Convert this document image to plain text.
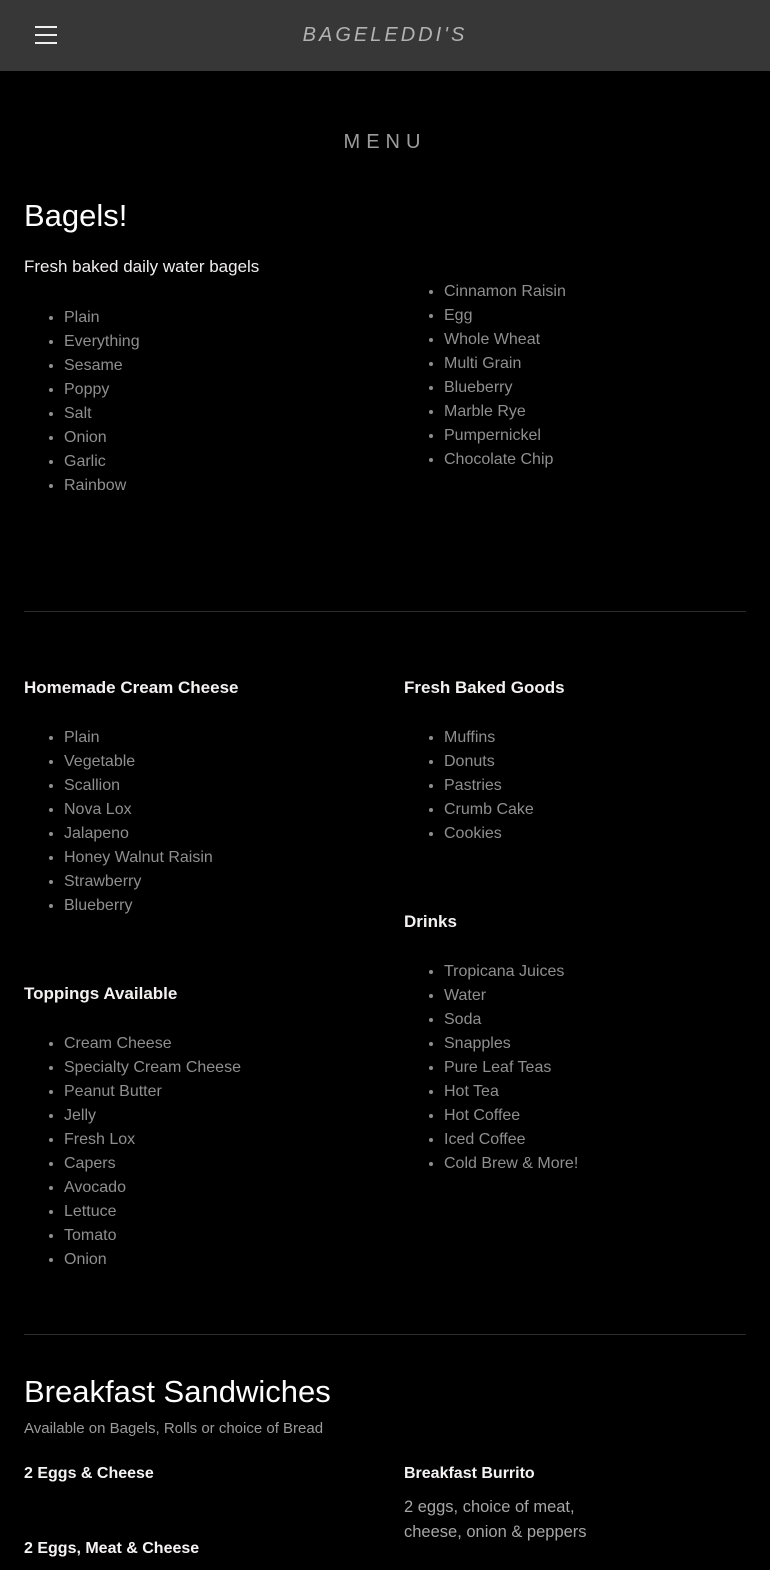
BAGELEDDI'S
MENU
Bagels!

Fresh baked daily water bagels

• Plain
• Everything
• Sesame
• Poppy
• Salt
• Onion
• Garlic
• Rainbow
• Cinnamon Raisin
• Egg
• Whole Wheat
• Multi Grain
• Blueberry
• Marble Rye
• Pumpernickel
• Chocolate Chip
Homemade Cream Cheese
• Plain
• Vegetable
• Scallion
• Nova Lox
• Jalapeno
• Honey Walnut Raisin
• Strawberry
• Blueberry
Toppings Available
• Cream Cheese
• Specialty Cream Cheese
• Peanut Butter
• Jelly
• Fresh Lox
• Capers
• Avocado
• Lettuce
• Tomato
• Onion
Fresh Baked Goods
• Muffins
• Donuts
• Pastries
• Crumb Cake
• Cookies
Drinks
• Tropicana Juices
• Water
• Soda
• Snapples
• Pure Leaf Teas
• Hot Tea
• Hot Coffee
• Iced Coffee
• Cold Brew & More!
Breakfast Sandwiches

Available on Bagels, Rolls or choice of Bread

2 Eggs & Cheese
2 Eggs, Meat & Cheese
Breakfast Burrito

2 eggs, choice of meat, cheese, onion & peppers
